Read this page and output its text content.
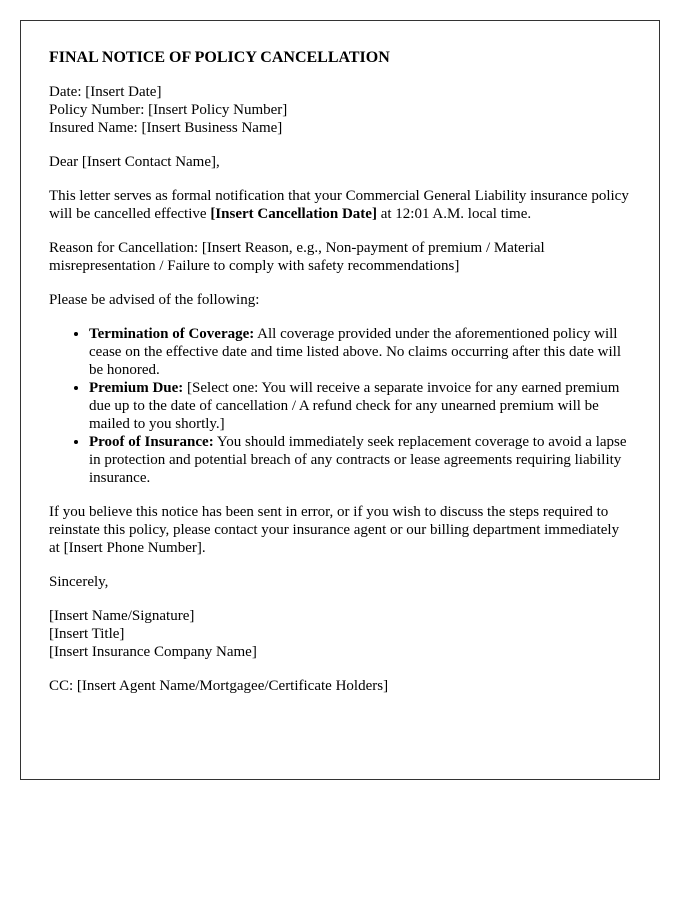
FINAL NOTICE OF POLICY CANCELLATION

Date: [Insert Date]
Policy Number: [Insert Policy Number]
Insured Name: [Insert Business Name]

Dear [Insert Contact Name],

This letter serves as formal notification that your Commercial General Liability insurance policy will be cancelled effective [Insert Cancellation Date] at 12:01 A.M. local time.

Reason for Cancellation: [Insert Reason, e.g., Non-payment of premium / Material misrepresentation / Failure to comply with safety recommendations]

Please be advised of the following:

• Termination of Coverage: All coverage provided under the aforementioned policy will cease on the effective date and time listed above. No claims occurring after this date will be honored.
• Premium Due: [Select one: You will receive a separate invoice for any earned premium due up to the date of cancellation / A refund check for any unearned premium will be mailed to you shortly.]
• Proof of Insurance: You should immediately seek replacement coverage to avoid a lapse in protection and potential breach of any contracts or lease agreements requiring liability insurance.

If you believe this notice has been sent in error, or if you wish to discuss the steps required to reinstate this policy, please contact your insurance agent or our billing department immediately at [Insert Phone Number].

Sincerely,

[Insert Name/Signature]
[Insert Title]
[Insert Insurance Company Name]

CC: [Insert Agent Name/Mortgagee/Certificate Holders]
